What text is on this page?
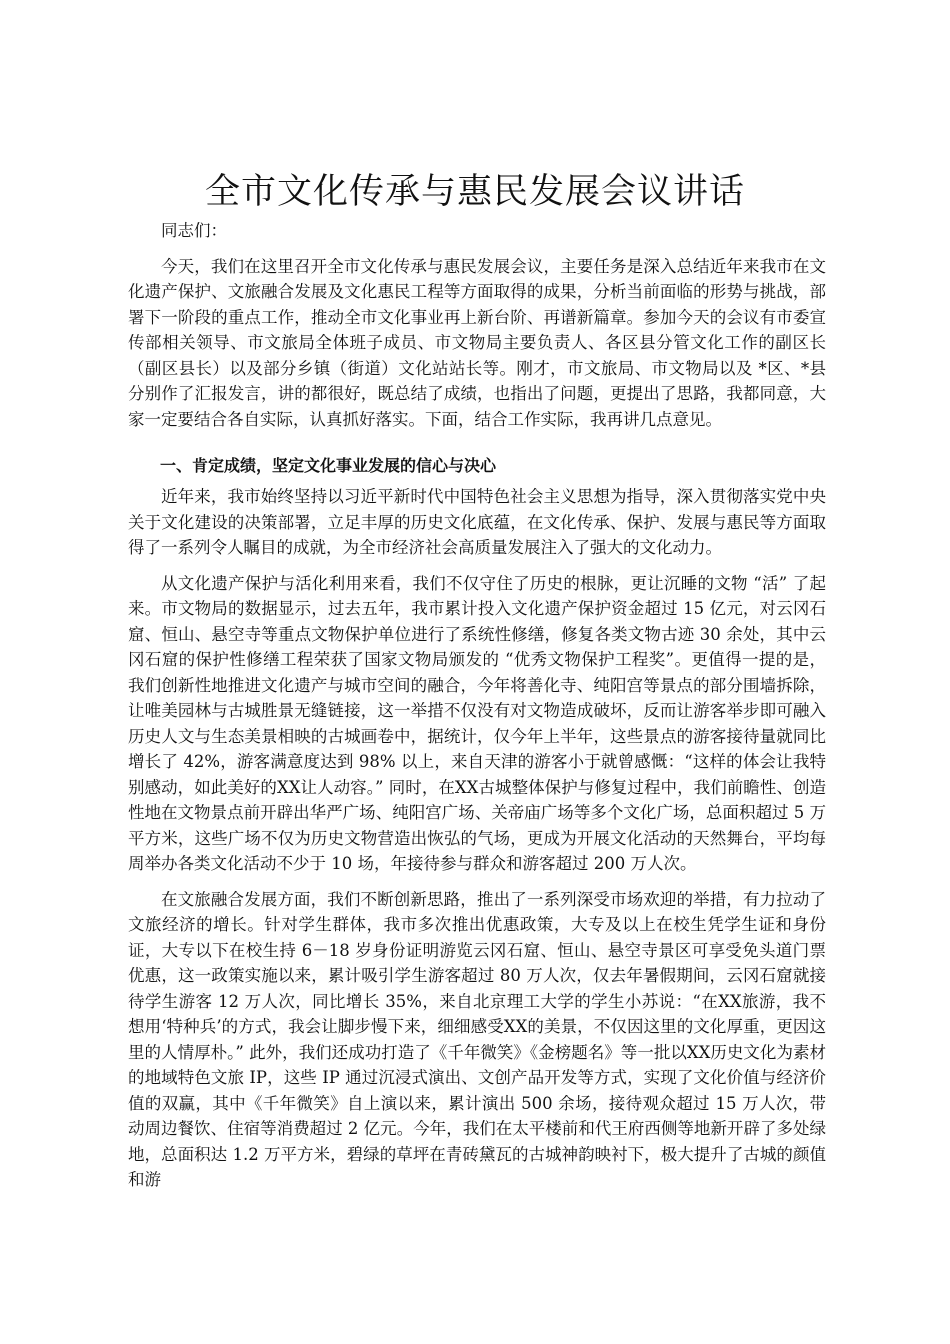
全市文化传承与惠民发展会议讲话

同志们：

今天，我们在这里召开全市文化传承与惠民发展会议，主要任务是深入总结近年来我市在文化遗产保护、文旅融合发展及文化惠民工程等方面取得的成果，分析当前面临的形势与挑战，部署下一阶段的重点工作，推动全市文化事业再上新台阶、再谱新篇章。参加今天的会议有市委宣传部相关领导、市文旅局全体班子成员、市文物局主要负责人、各区县分管文化工作的副区长（副区县长）以及部分乡镇（街道）文化站站长等。刚才，市文旅局、市文物局以及 *区、*县分别作了汇报发言，讲的都很好，既总结了成绩，也指出了问题，更提出了思路，我都同意，大家一定要结合各自实际，认真抓好落实。下面，结合工作实际，我再讲几点意见。

一、肯定成绩，坚定文化事业发展的信心与决心

近年来，我市始终坚持以习近平新时代中国特色社会主义思想为指导，深入贯彻落实党中央关于文化建设的决策部署，立足丰厚的历史文化底蕴，在文化传承、保护、发展与惠民等方面取得了一系列令人瞩目的成就，为全市经济社会高质量发展注入了强大的文化动力。

从文化遗产保护与活化利用来看，我们不仅守住了历史的根脉，更让沉睡的文物 “活” 了起来。市文物局的数据显示，过去五年，我市累计投入文化遗产保护资金超过 15 亿元，对云冈石窟、恒山、悬空寺等重点文物保护单位进行了系统性修缮，修复各类文物古迹 30 余处，其中云冈石窟的保护性修缮工程荣获了国家文物局颁发的 “优秀文物保护工程奖”。更值得一提的是，我们创新性地推进文化遗产与城市空间的融合，今年将善化寺、纯阳宫等景点的部分围墙拆除，让唯美园林与古城胜景无缝链接，这一举措不仅没有对文物造成破坏，反而让游客举步即可融入历史人文与生态美景相映的古城画卷中，据统计，仅今年上半年，这些景点的游客接待量就同比增长了 42%，游客满意度达到 98% 以上，来自天津的游客小于就曾感慨：“这样的体会让我特别感动，如此美好的XX让人动容。” 同时，在XX古城整体保护与修复过程中，我们前瞻性、创造性地在文物景点前开辟出华严广场、纯阳宫广场、关帝庙广场等多个文化广场，总面积超过 5 万平方米，这些广场不仅为历史文物营造出恢弘的气场，更成为开展文化活动的天然舞台，平均每周举办各类文化活动不少于 10 场，年接待参与群众和游客超过 200 万人次。

在文旅融合发展方面，我们不断创新思路，推出了一系列深受市场欢迎的举措，有力拉动了文旅经济的增长。针对学生群体，我市多次推出优惠政策，大专及以上在校生凭学生证和身份证，大专以下在校生持 6－18 岁身份证明游览云冈石窟、恒山、悬空寺景区可享受免头道门票优惠，这一政策实施以来，累计吸引学生游客超过 80 万人次，仅去年暑假期间，云冈石窟就接待学生游客 12 万人次，同比增长 35%，来自北京理工大学的学生小苏说：“在XX旅游，我不想用‘特种兵’的方式，我会让脚步慢下来，细细感受XX的美景，不仅因这里的文化厚重，更因这里的人情厚朴。” 此外，我们还成功打造了《千年微笑》《金榜题名》等一批以XX历史文化为素材的地域特色文旅 IP，这些 IP 通过沉浸式演出、文创产品开发等方式，实现了文化价值与经济价值的双赢，其中《千年微笑》自上演以来，累计演出 500 余场，接待观众超过 15 万人次，带动周边餐饮、住宿等消费超过 2 亿元。今年，我们在太平楼前和代王府西侧等地新开辟了多处绿地，总面积达 1.2 万平方米，碧绿的草坪在青砖黛瓦的古城神韵映衬下，极大提升了古城的颜值和游
